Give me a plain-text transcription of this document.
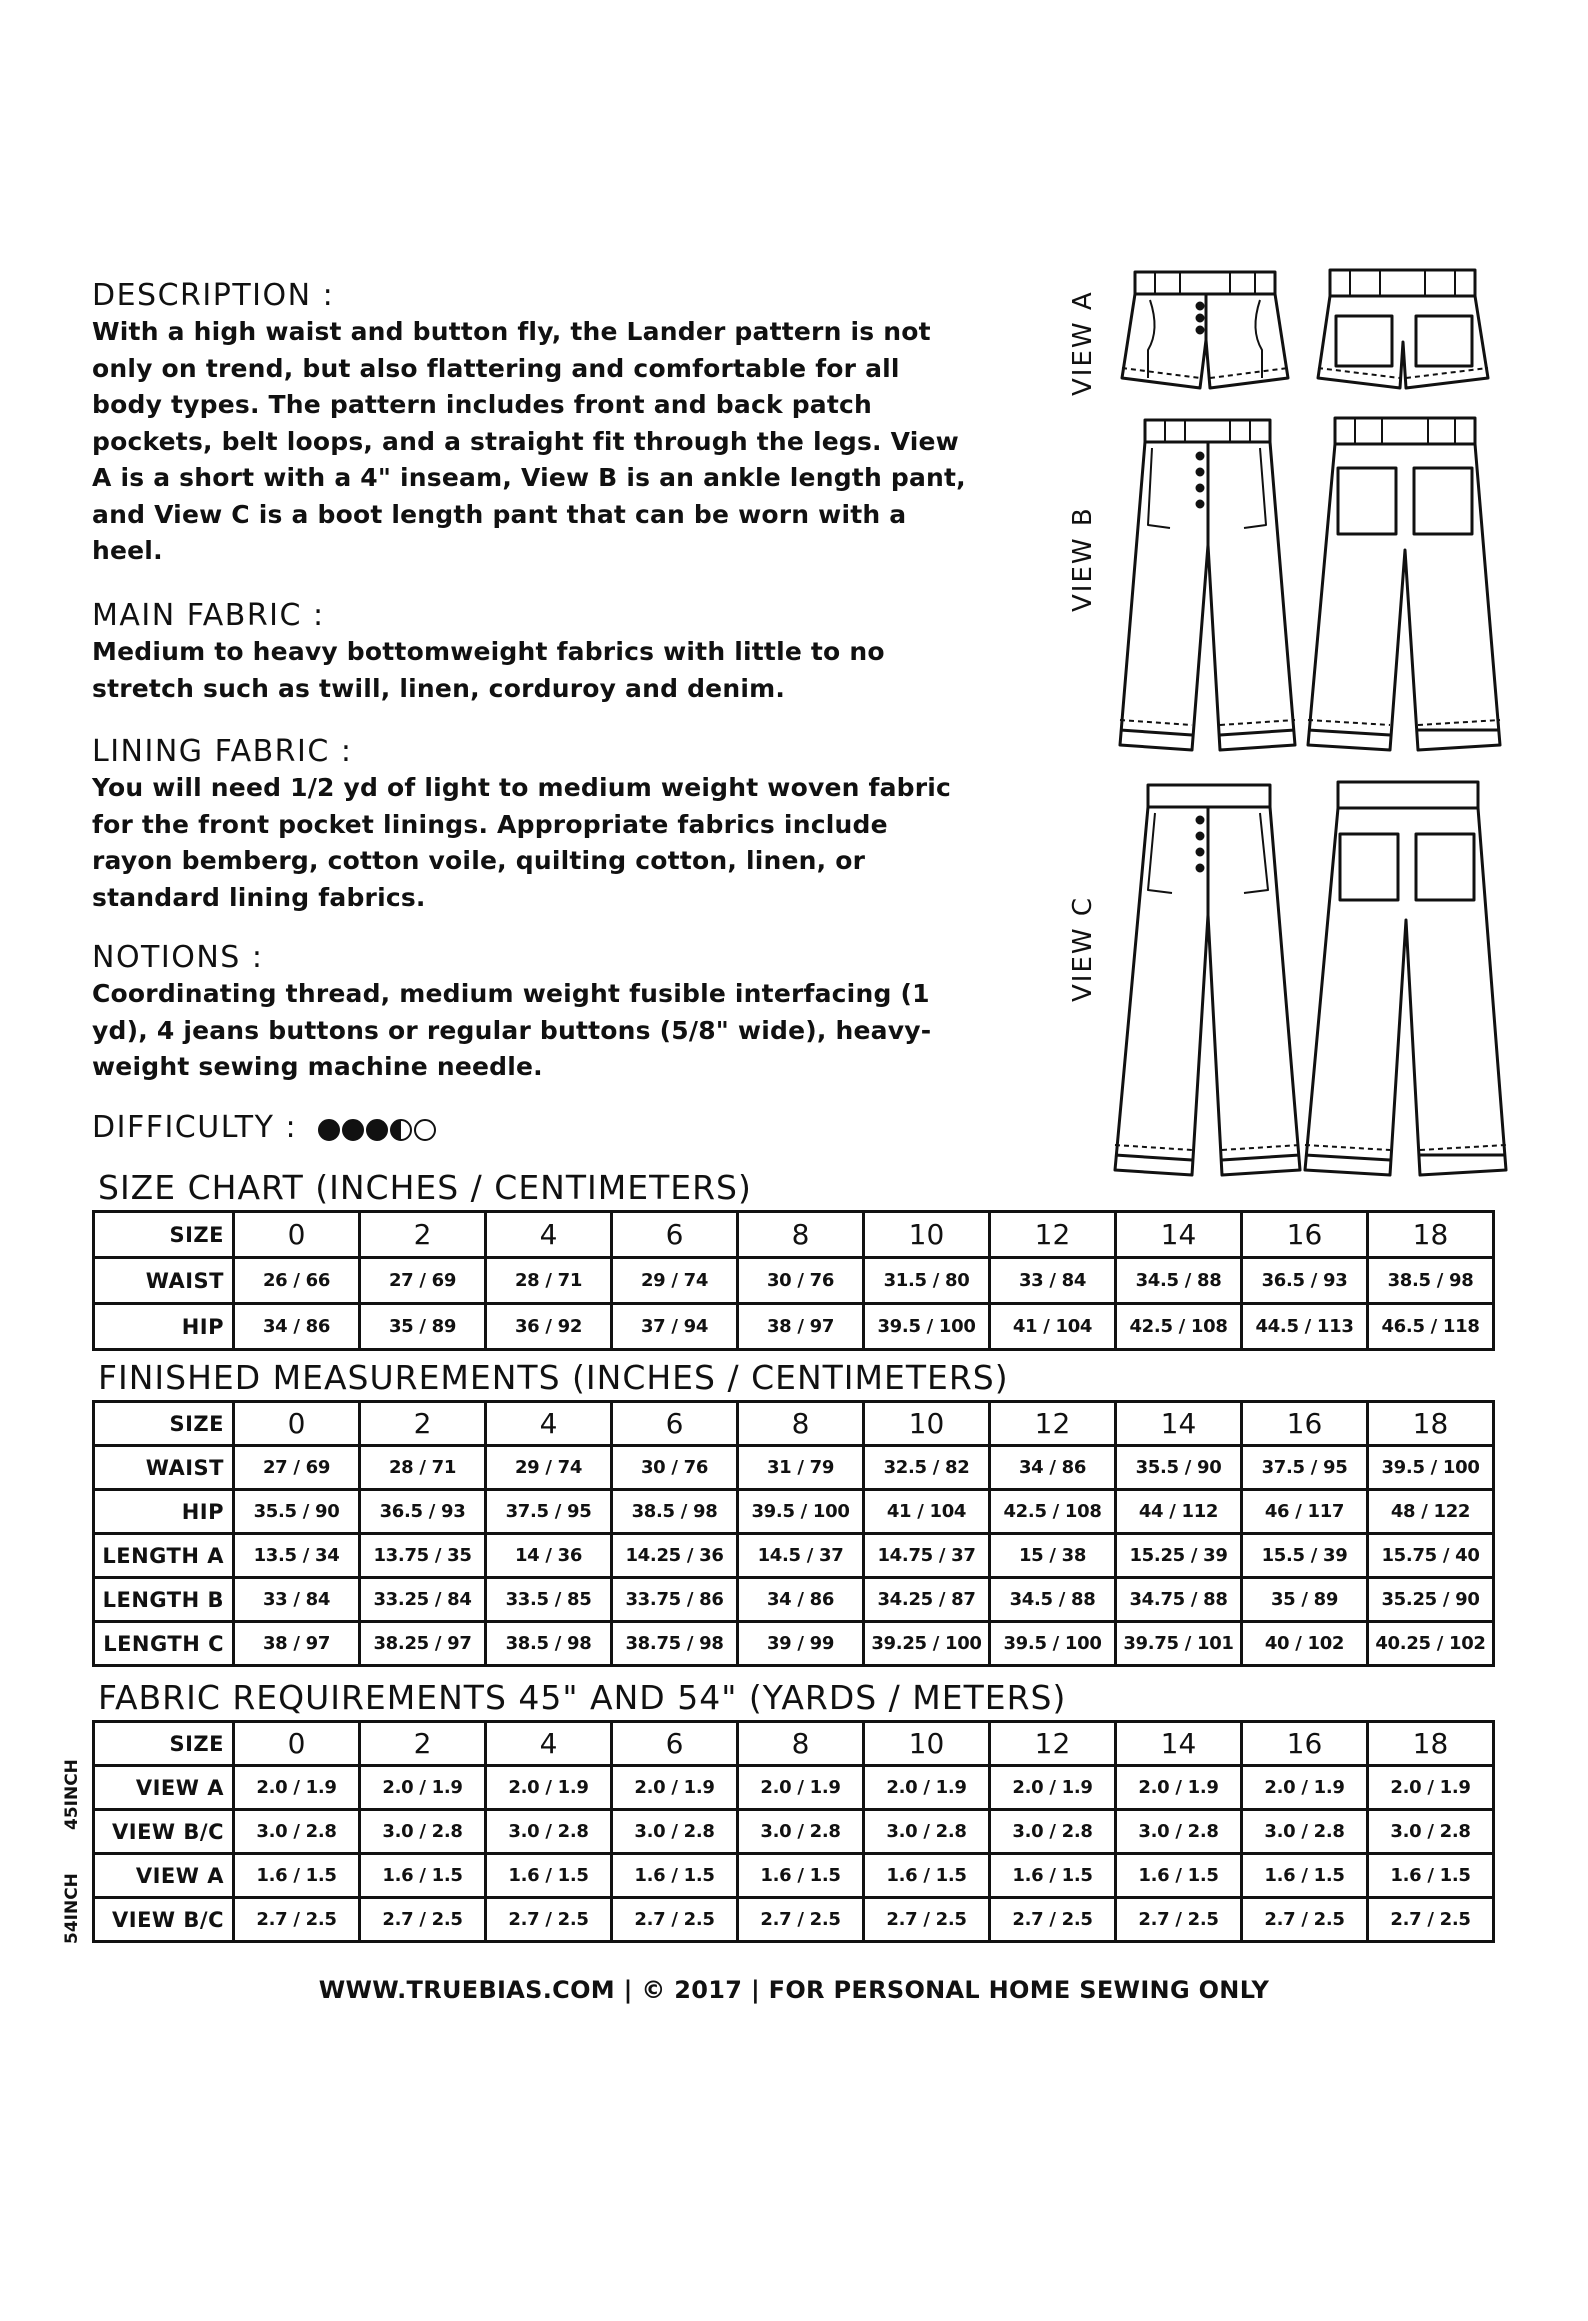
DESCRIPTION :

With a high waist and button fly, the Lander pattern is not
only on trend, but also flattering and comfortable for all
body types. The pattern includes front and back patch
pockets, belt loops, and a straight fit through the legs. View
A is a short with a 4" inseam, View B is an ankle length pant,
and View C is a boot length pant that can be worn with a
heel.

MAIN FABRIC :

Medium to heavy bottomweight fabrics with little to no
stretch such as twill, linen, corduroy and denim.

LINING FABRIC :

You will need 1/2 yd of light to medium weight woven fabric
for the front pocket linings. Appropriate fabrics include
rayon bemberg, cotton voile, quilting cotton, linen, or
standard lining fabrics.

NOTIONS :

Coordinating thread, medium weight fusible interfacing (1
yd), 4 jeans buttons or regular buttons (5/8" wide), heavy-
weight sewing machine needle.

DIFFICULTY :
VIEW A
VIEW B
VIEW C
SIZE CHART (INCHES / CENTIMETERS)
SIZE	0	2	4	6	8	10	12	14	16	18
WAIST	26 / 66	27 / 69	28 / 71	29 / 74	30 / 76	31.5 / 80	33 / 84	34.5 / 88	36.5 / 93	38.5 / 98
HIP	34 / 86	35 / 89	36 / 92	37 / 94	38 / 97	39.5 / 100	41 / 104	42.5 / 108	44.5 / 113	46.5 / 118
FINISHED MEASUREMENTS (INCHES / CENTIMETERS)
SIZE	0	2	4	6	8	10	12	14	16	18
WAIST	27 / 69	28 / 71	29 / 74	30 / 76	31 / 79	32.5 / 82	34 / 86	35.5 / 90	37.5 / 95	39.5 / 100
HIP	35.5 / 90	36.5 / 93	37.5 / 95	38.5 / 98	39.5 / 100	41 / 104	42.5 / 108	44 / 112	46 / 117	48 / 122
LENGTH A	13.5 / 34	13.75 / 35	14 / 36	14.25 / 36	14.5 / 37	14.75 / 37	15 / 38	15.25 / 39	15.5 / 39	15.75 / 40
LENGTH B	33 / 84	33.25 / 84	33.5 / 85	33.75 / 86	34 / 86	34.25 / 87	34.5 / 88	34.75 / 88	35 / 89	35.25 / 90
LENGTH C	38 / 97	38.25 / 97	38.5 / 98	38.75 / 98	39 / 99	39.25 / 100	39.5 / 100	39.75 / 101	40 / 102	40.25 / 102
FABRIC REQUIREMENTS 45" AND 54" (YARDS / METERS)
45INCH
54INCH
SIZE	0	2	4	6	8	10	12	14	16	18
VIEW A	2.0 / 1.9	2.0 / 1.9	2.0 / 1.9	2.0 / 1.9	2.0 / 1.9	2.0 / 1.9	2.0 / 1.9	2.0 / 1.9	2.0 / 1.9	2.0 / 1.9
VIEW B/C	3.0 / 2.8	3.0 / 2.8	3.0 / 2.8	3.0 / 2.8	3.0 / 2.8	3.0 / 2.8	3.0 / 2.8	3.0 / 2.8	3.0 / 2.8	3.0 / 2.8
VIEW A	1.6 / 1.5	1.6 / 1.5	1.6 / 1.5	1.6 / 1.5	1.6 / 1.5	1.6 / 1.5	1.6 / 1.5	1.6 / 1.5	1.6 / 1.5	1.6 / 1.5
VIEW B/C	2.7 / 2.5	2.7 / 2.5	2.7 / 2.5	2.7 / 2.5	2.7 / 2.5	2.7 / 2.5	2.7 / 2.5	2.7 / 2.5	2.7 / 2.5	2.7 / 2.5
WWW.TRUEBIAS.COM | © 2017 | FOR PERSONAL HOME SEWING ONLY
